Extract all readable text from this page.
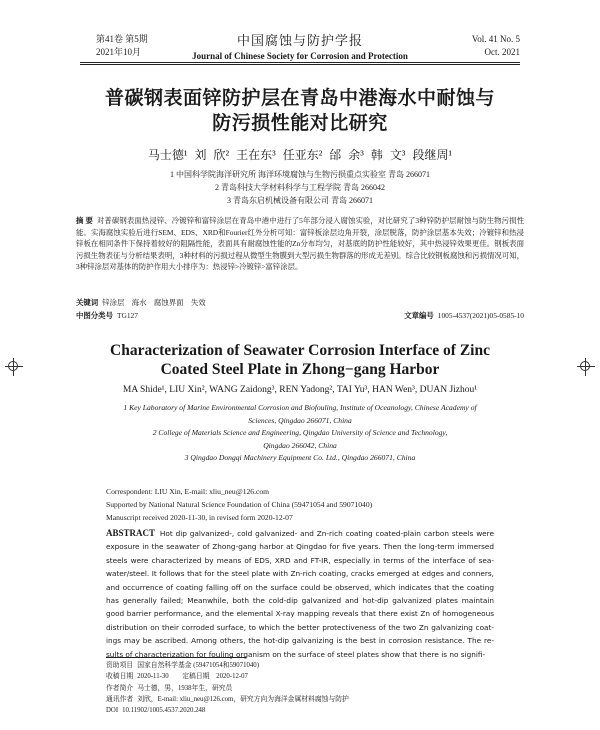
第41卷 第5期
2021年10月
中国腐蚀与防护学报
Journal of Chinese Society for Corrosion and Protection
Vol. 41 No. 5
Oct. 2021
普碳钢表面锌防护层在青岛中港海水中耐蚀与
防污损性能对比研究
马士德¹ 刘 欣² 王在东³ 任亚东² 邰 余³ 韩 文³ 段继周¹
1 中国科学院海洋研究所 海洋环境腐蚀与生物污损重点实验室 青岛 266071
2 青岛科技大学材料科学与工程学院 青岛 266042
3 青岛东启机械设备有限公司 青岛 266071
摘 要 对普碳钢表面热浸锌、冷镀锌和富锌涂层在青岛中港中进行了5年部分浸入腐蚀实验，对比研究了3种锌防护层耐蚀与防生物污损性能。实海腐蚀实验后进行SEM、EDS、XRD和Fourier红外分析可知：富锌板涂层边角开裂，涂层脱落，防护涂层基本失效；冷镀锌和热浸锌板在相同条件下保持着较好的阻隔性能，表面具有耐腐蚀性能的Zn分布均匀，对基底的防护性能较好，其中热浸锌效果更佳。钢板表面污损生物表征与分析结果表明，3种材料的污损过程从微型生物膜到大型污损生物群落的形成无差别。综合比较钢板腐蚀和污损情况可知，3种锌涂层对基体的防护作用大小排序为：热浸锌>冷镀锌>富锌涂层。
关键词 锌涂层　海水　腐蚀界面　失效
中图分类号 TG127	文章编号 1005-4537(2021)05-0585-10
Characterization of Seawater Corrosion Interface of Zinc
Coated Steel Plate in Zhong−gang Harbor
MA Shide¹, LIU Xin², WANG Zaidong³, REN Yadong², TAI Yu³, HAN Wen³, DUAN Jizhou¹
1 Key Laboratory of Marine Environmental Corrosion and Biofouling, Institute of Oceanology, Chinese Academy of
Sciences, Qingdao 266071, China
2 College of Materials Science and Engineering, Qingdao University of Science and Technology,
Qingdao 266042, China
3 Qingdao Dongqi Machinery Equipment Co. Ltd., Qingdao 266071, China
Correspondent: LIU Xin, E-mail: xliu_neu@126.com
Supported by National Natural Science Foundation of China (59471054 and 59071040)
Manuscript received 2020-11-30, in revised form 2020-12-07
ABSTRACT Hot dip galvanized-, cold galvanized- and Zn-rich coating coated-plain carbon steels were exposure in the seawater of Zhong-gang harbor at Qingdao for five years. Then the long-term immersed steels were characterized by means of EDS, XRD and FT-IR, especially in terms of the interface of sea-water/steel. It follows that for the steel plate with Zn-rich coating, cracks emerged at edges and conners, and occurrence of coating falling off on the surface could be observed, which indicates that the coating has generally failed; Meanwhile, both the cold-dip galvanized and hot-dip galvanized plates maintain good barrier performance, and the elemental X-ray mapping reveals that there exist Zn of homogeneous distribution on their corroded surface, to which the better protectiveness of the two Zn galvanizing coat-ings may be ascribed. Among others, the hot-dip galvanizing is the best in corrosion resistance. The re-sults of characterization for fouling organism on the surface of steel plates show that there is no signifi-
资助项目 国家自然科学基金 (59471054和59071040)
收稿日期 2020-11-30　　定稿日期　2020-12-07
作者简介 马士德，男，1938年生，研究员
通讯作者 刘欣，E-mail: xliu_neu@126.com，研究方向为海洋金属材料腐蚀与防护
DOI 10.11902/1005.4537.2020.248
